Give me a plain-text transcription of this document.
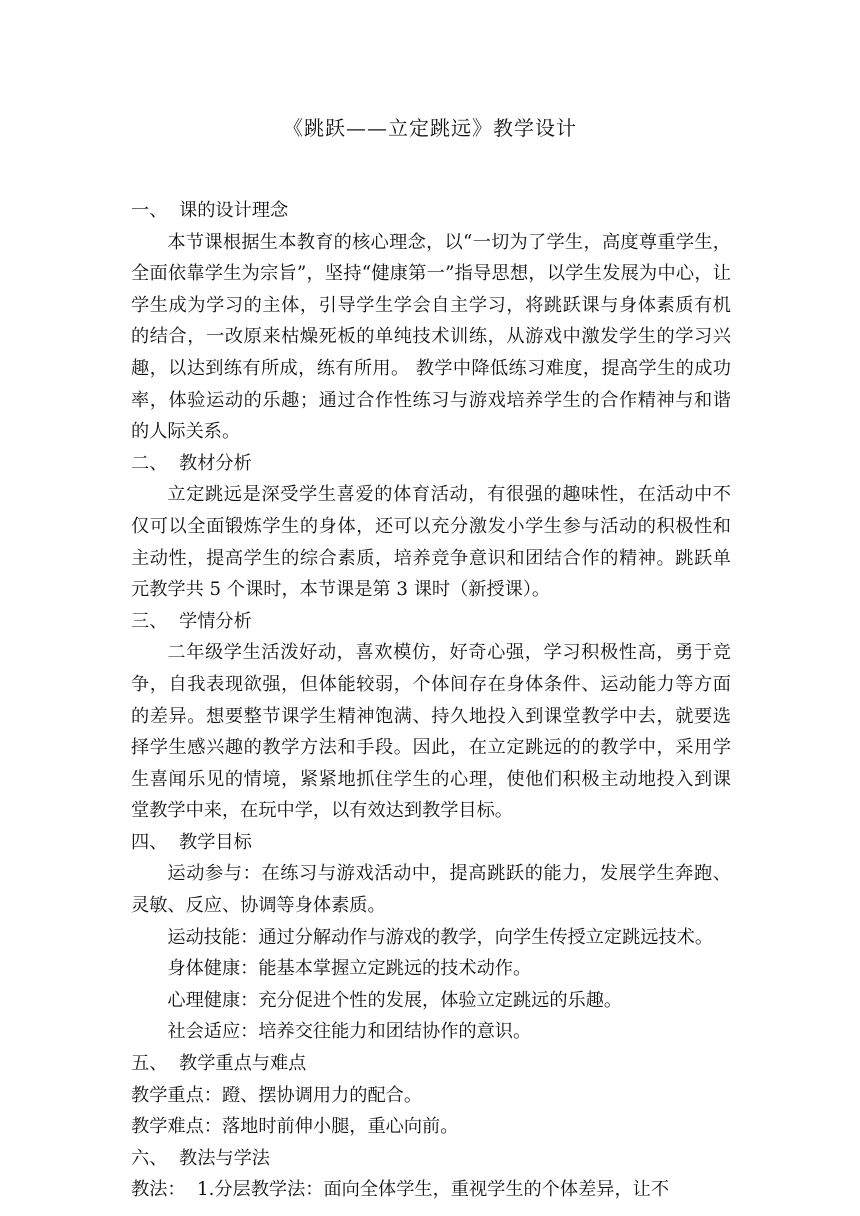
《跳跃——立定跳远》教学设计
一、 课的设计理念

本节课根据生本教育的核心理念，以“一切为了学生，高度尊重学生，全面依靠学生为宗旨”，坚持“健康第一”指导思想，以学生发展为中心，让学生成为学习的主体，引导学生学会自主学习，将跳跃课与身体素质有机的结合，一改原来枯燥死板的单纯技术训练，从游戏中激发学生的学习兴趣，以达到练有所成，练有所用。 教学中降低练习难度，提高学生的成功率，体验运动的乐趣；通过合作性练习与游戏培养学生的合作精神与和谐的人际关系。

二、 教材分析

立定跳远是深受学生喜爱的体育活动，有很强的趣味性，在活动中不仅可以全面锻炼学生的身体，还可以充分激发小学生参与活动的积极性和主动性，提高学生的综合素质，培养竞争意识和团结合作的精神。跳跃单元教学共 5 个课时，本节课是第 3 课时（新授课）。

三、 学情分析

二年级学生活泼好动，喜欢模仿，好奇心强，学习积极性高，勇于竞争，自我表现欲强，但体能较弱，个体间存在身体条件、运动能力等方面的差异。想要整节课学生精神饱满、持久地投入到课堂教学中去，就要选择学生感兴趣的教学方法和手段。因此，在立定跳远的的教学中，采用学生喜闻乐见的情境，紧紧地抓住学生的心理，使他们积极主动地投入到课堂教学中来，在玩中学，以有效达到教学目标。

四、 教学目标

运动参与：在练习与游戏活动中，提高跳跃的能力，发展学生奔跑、灵敏、反应、协调等身体素质。

运动技能：通过分解动作与游戏的教学，向学生传授立定跳远技术。

身体健康：能基本掌握立定跳远的技术动作。

心理健康：充分促进个性的发展，体验立定跳远的乐趣。

社会适应：培养交往能力和团结协作的意识。

五、 教学重点与难点

教学重点：蹬、摆协调用力的配合。

教学难点：落地时前伸小腿，重心向前。

六、 教法与学法

教法： 1.分层教学法：面向全体学生，重视学生的个体差异，让不
